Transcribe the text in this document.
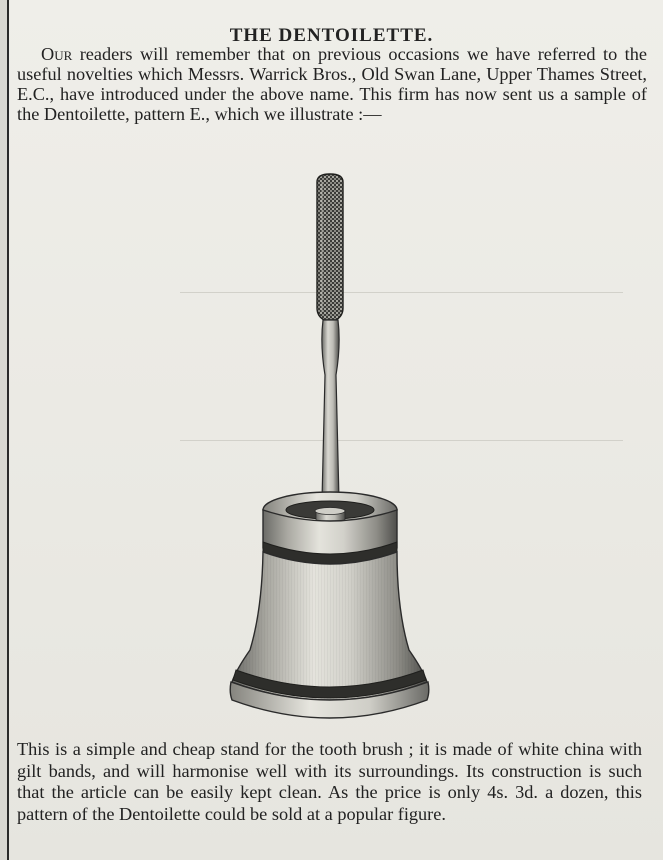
THE DENTOILETTE.

Our readers will remember that on previous occasions we have referred to the useful novelties which Messrs. Warrick Bros., Old Swan Lane, Upper Thames Street, E.C., have introduced under the above name. This firm has now sent us a sample of the Dentoilette, pattern E., which we illustrate :—

This is a simple and cheap stand for the tooth brush ; it is made of white china with gilt bands, and will harmonise well with its surroundings. Its construction is such that the article can be easily kept clean. As the price is only 4s. 3d. a dozen, this pattern of the Dentoilette could be sold at a popular figure.
